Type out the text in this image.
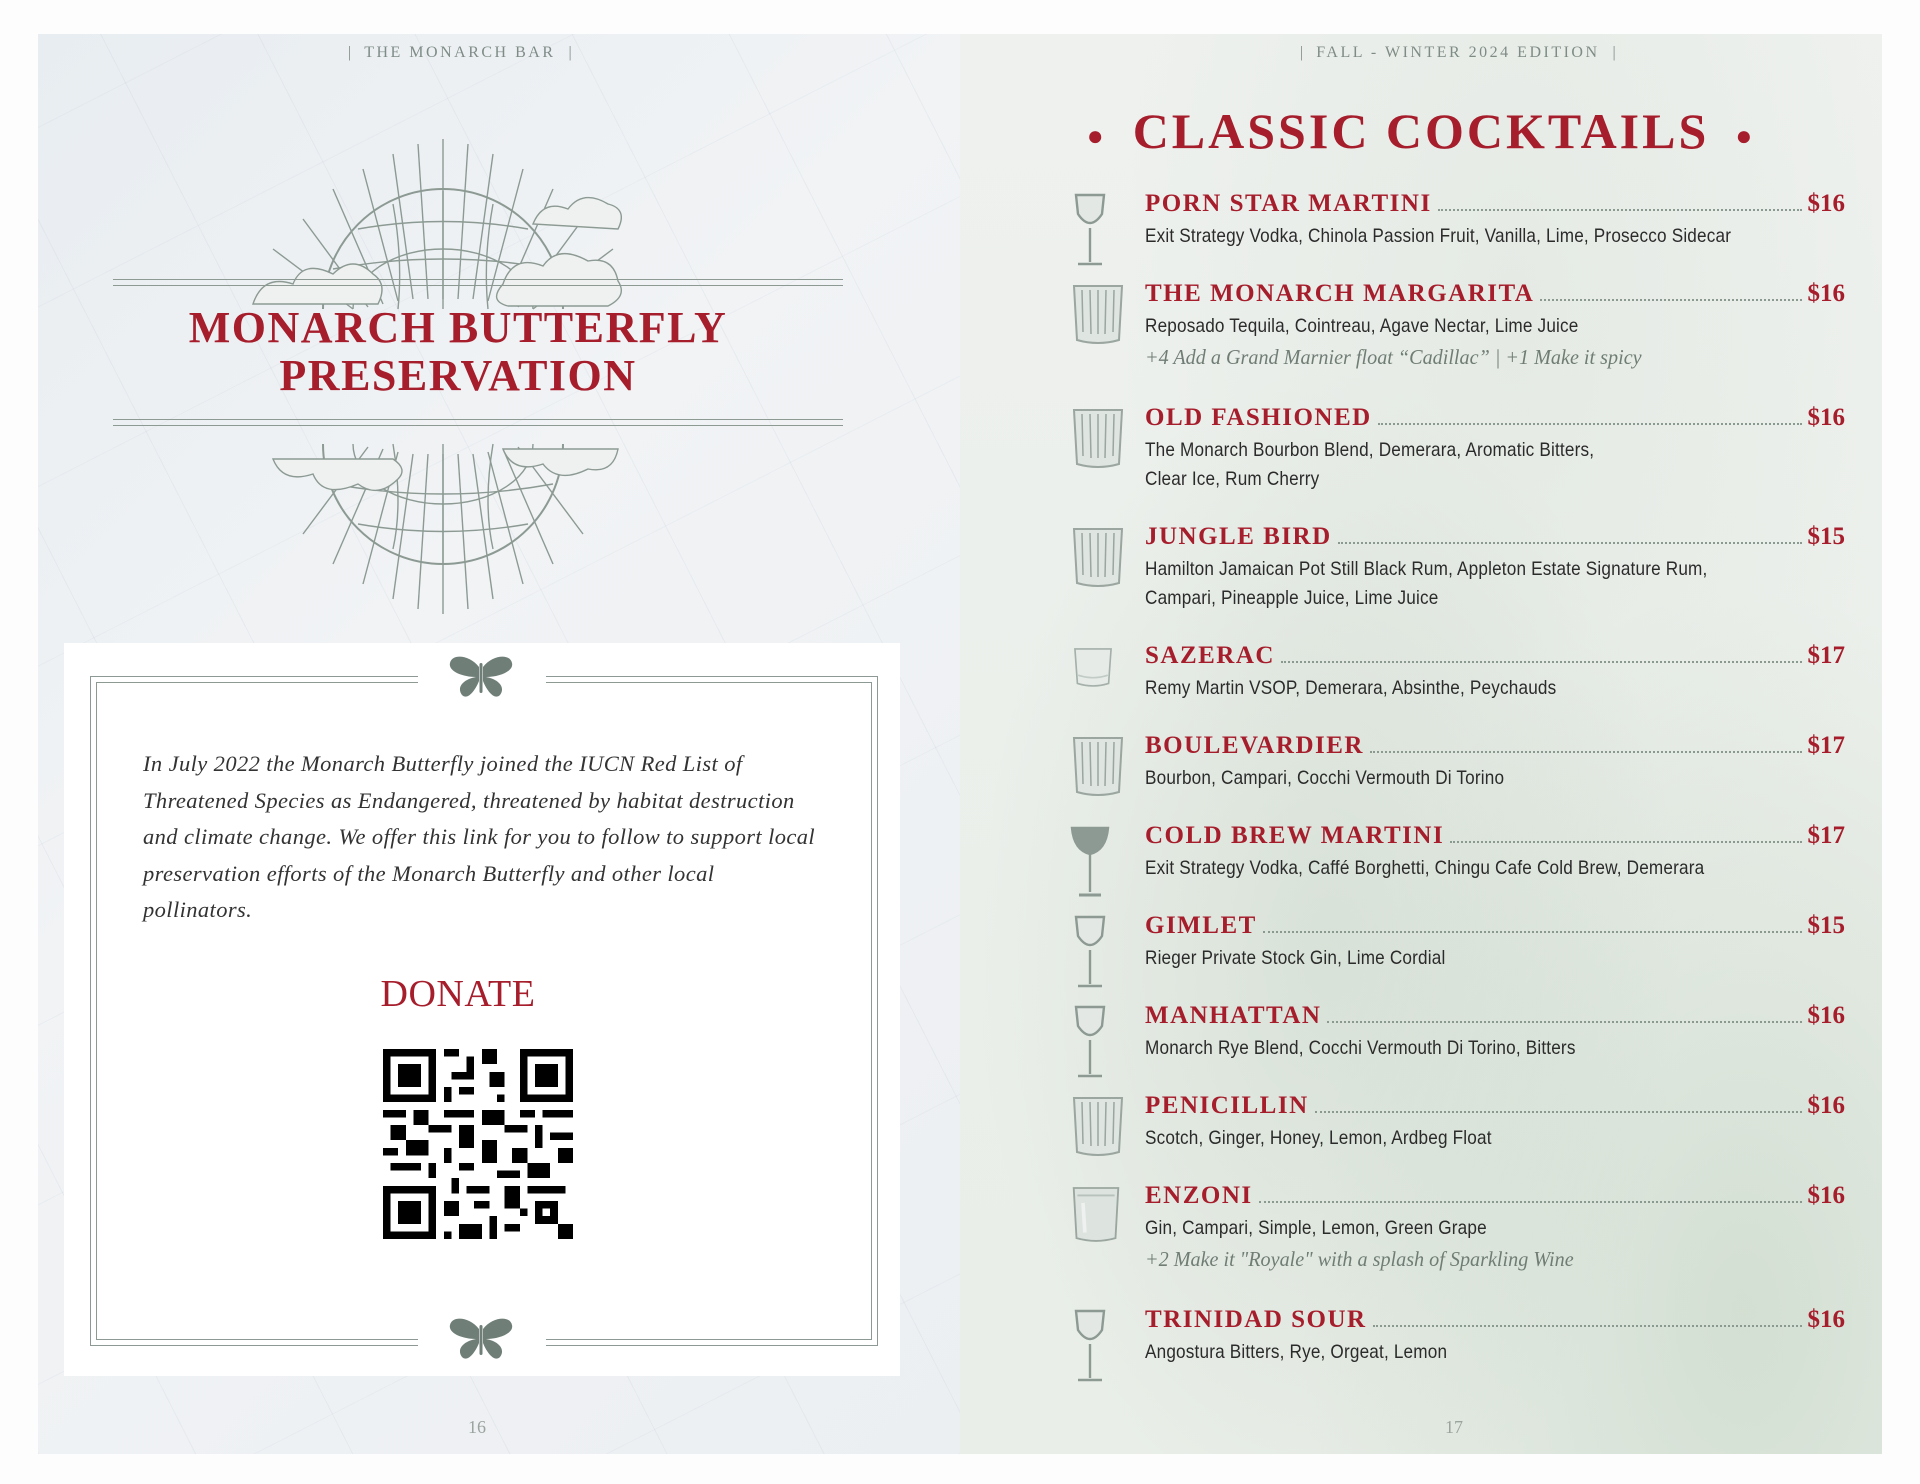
| THE MONARCH BAR |
MONARCH BUTTERFLY PRESERVATION
In July 2022 the Monarch Butterfly joined the IUCN Red List of Threatened Species as Endangered, threatened by habitat destruction and climate change. We offer this link for you to follow to support local preservation efforts of the Monarch Butterfly and other local pollinators.
DONATE
16
| FALL - WINTER 2024 EDITION |
● CLASSIC COCKTAILS ●
PORN STAR MARTINI	$16
Exit Strategy Vodka, Chinola Passion Fruit, Vanilla, Lime, Prosecco Sidecar
THE MONARCH MARGARITA	$16
Reposado Tequila, Cointreau, Agave Nectar, Lime Juice
+4 Add a Grand Marnier float “Cadillac” | +1 Make it spicy
OLD FASHIONED	$16
The Monarch Bourbon Blend, Demerara, Aromatic Bitters,
Clear Ice, Rum Cherry
JUNGLE BIRD	$15
Hamilton Jamaican Pot Still Black Rum, Appleton Estate Signature Rum,
Campari, Pineapple Juice, Lime Juice
SAZERAC	$17
Remy Martin VSOP, Demerara, Absinthe, Peychauds
BOULEVARDIER	$17
Bourbon, Campari, Cocchi Vermouth Di Torino
COLD BREW MARTINI	$17
Exit Strategy Vodka, Caffé Borghetti, Chingu Cafe Cold Brew, Demerara
GIMLET	$15
Rieger Private Stock Gin, Lime Cordial
MANHATTAN	$16
Monarch Rye Blend, Cocchi Vermouth Di Torino, Bitters
PENICILLIN	$16
Scotch, Ginger, Honey, Lemon, Ardbeg Float
ENZONI	$16
Gin, Campari, Simple, Lemon, Green Grape
+2 Make it "Royale" with a splash of Sparkling Wine
TRINIDAD SOUR	$16
Angostura Bitters, Rye, Orgeat, Lemon
17
